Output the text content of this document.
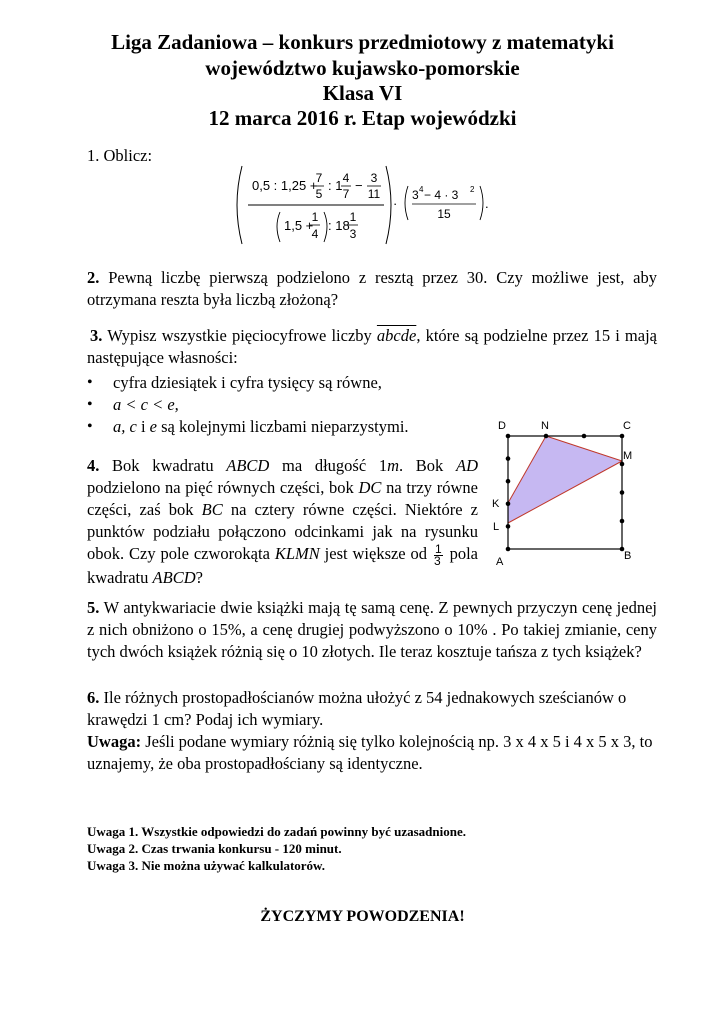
Liga Zadaniowa – konkurs przedmiotowy z matematyki
województwo kujawsko-pomorskie
Klasa VI
12 marca 2016 r. Etap wojewódzki
1. Oblicz:
0,5 : 1,25 +
7
5
: 1 4
7
− 3
11
1,5 +
1
4
: 18
1
3
·
3 4 − 4 · 3 2
15
.
2. Pewną liczbę pierwszą podzielono z resztą przez 30. Czy możliwe jest, aby otrzymana reszta była liczbą złożoną?
3. Wypisz wszystkie pięciocyfrowe liczby abcde, które są podzielne przez 15 i mają następujące własności:
• cyfra dziesiątek i cyfra tysięcy są równe,
• a < c < e,
• a, c i e są kolejnymi liczbami nieparzystymi.
4. Bok kwadratu ABCD ma długość 1m. Bok AD podzielono na pięć równych części, bok DC na trzy równe części, zaś bok BC na cztery równe części. Niektóre z punktów podziału połączono odcinkami jak na rysunku obok. Czy pole czworokąta KLMN jest większe od $\frac{1}{3}$ pola kwadratu ABCD?
D	N	C
M
K
L
A	B
5. W antykwariacie dwie książki mają tę samą cenę. Z pewnych przyczyn cenę jednej z nich obniżono o 15%, a cenę drugiej podwyższono o 10% . Po takiej zmianie, ceny tych dwóch książek różnią się o 10 złotych. Ile teraz kosztuje tańsza z tych książek?
6. Ile różnych prostopadłościanów można ułożyć z 54 jednakowych sześcianów o krawędzi 1 cm? Podaj ich wymiary.
Uwaga: Jeśli podane wymiary różnią się tylko kolejnością np. 3 x 4 x 5 i 4 x 5 x 3, to uznajemy, że oba prostopadłościany są identyczne.
Uwaga 1. Wszystkie odpowiedzi do zadań powinny być uzasadnione.
Uwaga 2. Czas trwania konkursu - 120 minut.
Uwaga 3. Nie można używać kalkulatorów.
ŻYCZYMY POWODZENIA!
